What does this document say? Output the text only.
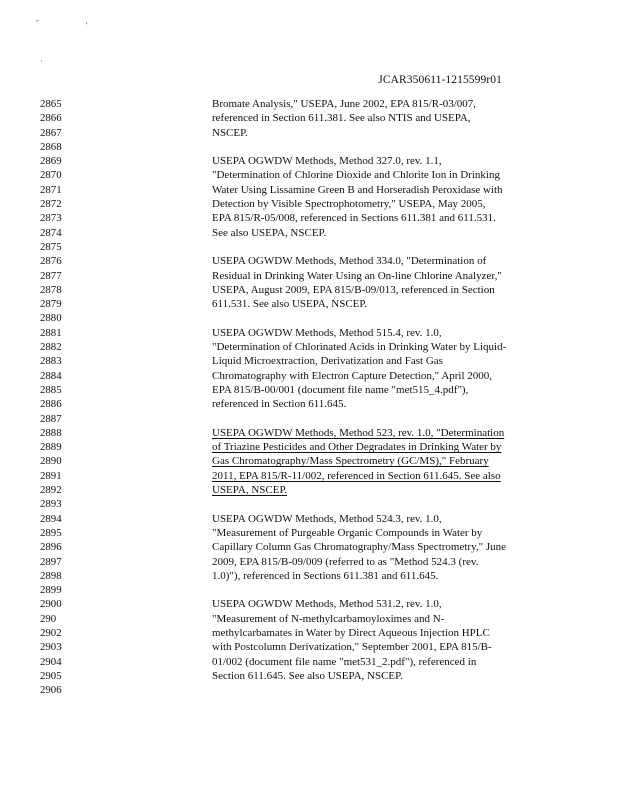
-
'
·
JCAR350611-1215599r01
2865
2866
2867
2868
2869
2870
2871
2872
2873
2874
2875
2876
2877
2878
2879
2880
2881
2882
2883
2884
2885
2886
2887
2888
2889
2890
2891
2892
2893
2894
2895
2896
2897
2898
2899
2900
290
2902
2903
2904
2905
2906
Bromate Analysis," USEPA, June 2002, EPA 815/R-03/007,
referenced in Section 611.381. See also NTIS and USEPA,
NSCEP.
USEPA OGWDW Methods, Method 327.0, rev. 1.1,
"Determination of Chlorine Dioxide and Chlorite Ion in Drinking
Water Using Lissamine Green B and Horseradish Peroxidase with
Detection by Visible Spectrophotometry," USEPA, May 2005,
EPA 815/R-05/008, referenced in Sections 611.381 and 611.531.
See also USEPA, NSCEP.
USEPA OGWDW Methods, Method 334.0, "Determination of
Residual in Drinking Water Using an On-line Chlorine Analyzer,"
USEPA, August 2009, EPA 815/B-09/013, referenced in Section
611.531. See also USEPA, NSCEP.
USEPA OGWDW Methods, Method 515.4, rev. 1.0,
"Determination of Chlorinated Acids in Drinking Water by Liquid-
Liquid Microextraction, Derivatization and Fast Gas
Chromatography with Electron Capture Detection," April 2000,
EPA 815/B-00/001 (document file name "met515_4.pdf"),
referenced in Section 611.645.
USEPA OGWDW Methods, Method 523, rev. 1.0, "Determination
of Triazine Pesticides and Other Degradates in Drinking Water by
Gas Chromatography/Mass Spectrometry (GC/MS)," February
2011, EPA 815/R-11/002, referenced in Section 611.645. See also
USEPA, NSCEP.
USEPA OGWDW Methods, Method 524.3, rev. 1.0,
"Measurement of Purgeable Organic Compounds in Water by
Capillary Column Gas Chromatography/Mass Spectrometry," June
2009, EPA 815/B-09/009 (referred to as "Method 524.3 (rev.
1.0)"), referenced in Sections 611.381 and 611.645.
USEPA OGWDW Methods, Method 531.2, rev. 1.0,
"Measurement of N-methylcarbamoyloximes and N-
methylcarbamates in Water by Direct Aqueous Injection HPLC
with Postcolumn Derivatization," September 2001, EPA 815/B-
01/002 (document file name "met531_2.pdf"), referenced in
Section 611.645. See also USEPA, NSCEP.
